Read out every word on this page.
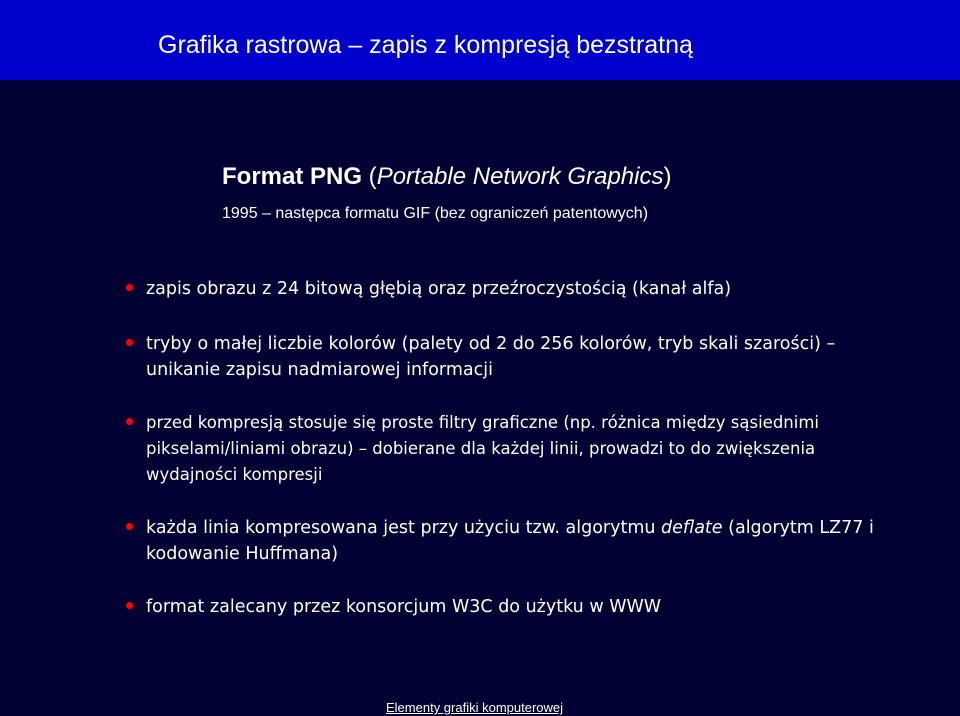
Grafika rastrowa – zapis z kompresją bezstratną
Format PNG (Portable Network Graphics)
1995 – następca formatu GIF (bez ograniczeń patentowych)
zapis obrazu z 24 bitową głębią oraz przeźroczystością (kanał alfa)
tryby o małej liczbie kolorów (palety od 2 do 256 kolorów, tryb skali szarości) – unikanie zapisu nadmiarowej informacji
przed kompresją stosuje się proste filtry graficzne (np. różnica między sąsiednimi pikselami/liniami obrazu) – dobierane dla każdej linii, prowadzi to do zwiększenia wydajności kompresji
każda linia kompresowana jest przy użyciu tzw. algorytmu deflate (algorytm LZ77 i kodowanie Huffmana)
format zalecany przez konsorcjum W3C do użytku w WWW
Elementy grafiki komputerowej
